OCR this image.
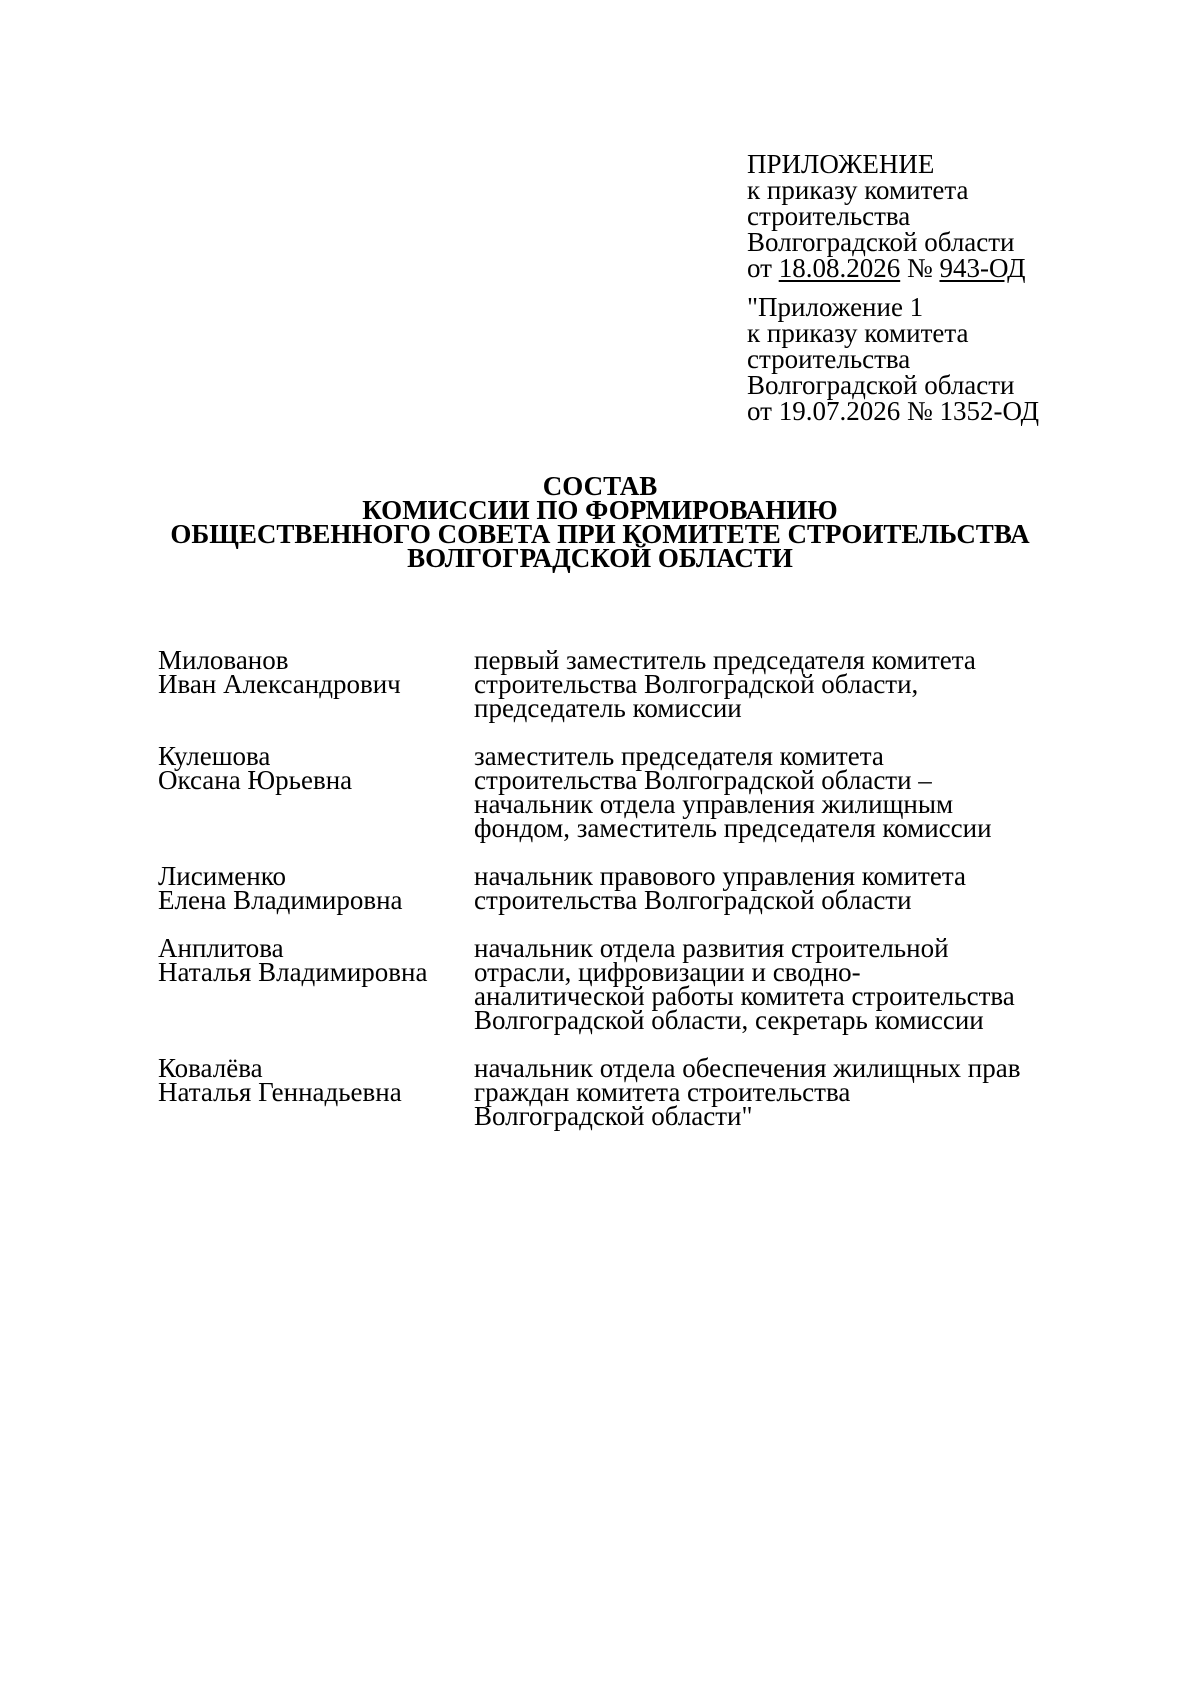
ПРИЛОЖЕНИЕ
к приказу комитета
строительства
Волгоградской области
от 18.08.2026 № 943-ОД
"Приложение 1
к приказу комитета
строительства
Волгоградской области
от 19.07.2026 № 1352-ОД
СОСТАВ
КОМИССИИ ПО ФОРМИРОВАНИЮ
ОБЩЕСТВЕННОГО СОВЕТА ПРИ КОМИТЕТЕ СТРОИТЕЛЬСТВА
ВОЛГОГРАДСКОЙ ОБЛАСТИ
Милованов
Иван Александрович
первый заместитель председателя комитета
строительства Волгоградской области,
председатель комиссии
Кулешова
Оксана Юрьевна
заместитель председателя комитета
строительства Волгоградской области –
начальник отдела управления жилищным
фондом, заместитель председателя комиссии
Лисименко
Елена Владимировна
начальник правового управления комитета
строительства Волгоградской области
Анплитова
Наталья Владимировна
начальник отдела развития строительной
отрасли, цифровизации и сводно-
аналитической работы комитета строительства
Волгоградской области, секретарь комиссии
Ковалёва
Наталья Геннадьевна
начальник отдела обеспечения жилищных прав
граждан комитета строительства
Волгоградской области"
